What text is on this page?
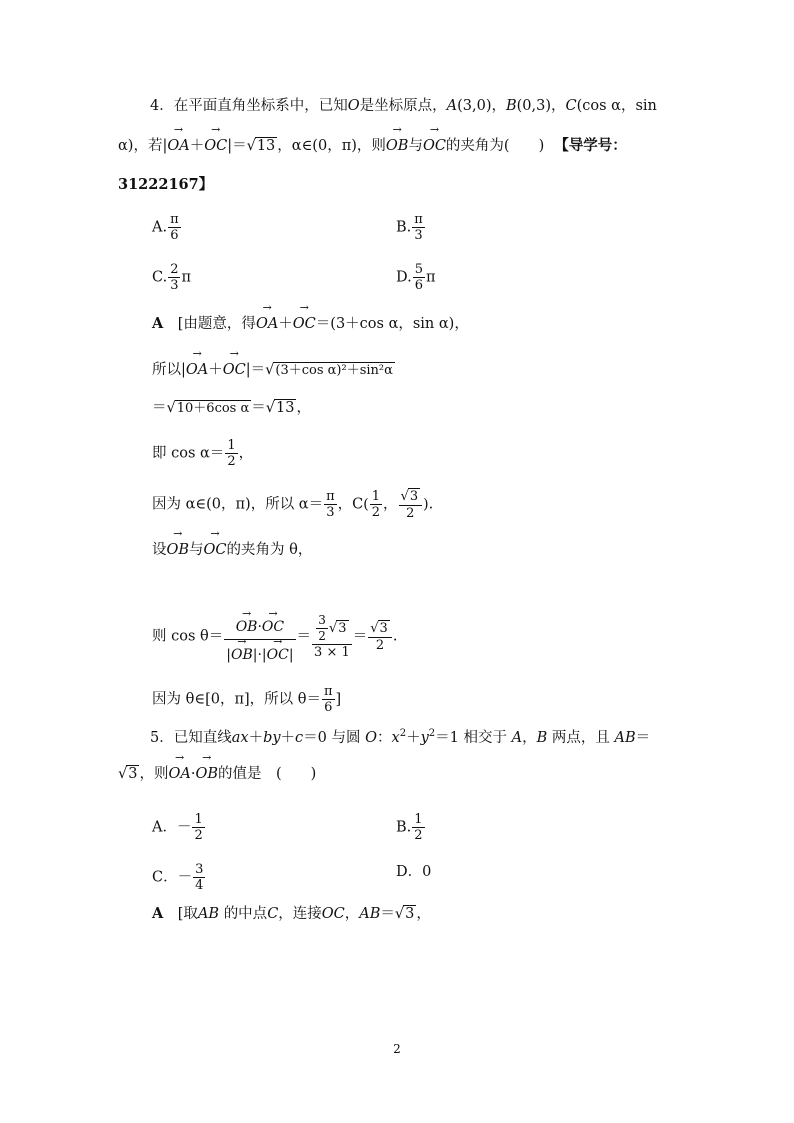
4．在平面直角坐标系中，已知O是坐标原点，A(3,0)，B(0,3)，C(cos α，sin
α)，若|→ OA＋→ OC|＝√13 ，α∈(0，π)，则→ OB与→ OC的夹角为(　　) 【导学号：
31222167】
A. $\frac{\pi}{6}$	B. $\frac{\pi}{3}$
C. $\frac{2}{3}$ π	D. $\frac{5}{6}$ π
A　 [由题意，得→ OA＋→ OC＝(3＋cos α，sin α)，
所以|→ OA＋→ OC|＝√(3＋cos α)²＋sin²α
＝√10＋6cos α ＝√13 ，
即 $\cos \alpha= \frac{1}{2}$ ，
因为 α∈(0，π)，所以 $\alpha= \frac{\pi}{3}$ ，$C( \frac{1}{2}$ ， $\frac{√3}{2}$ ).
设→ OB与→ OC的夹角为 θ，
则 cos θ＝
→ $\frac{OB\cdot\to OC}{|\to OB|\cdot|\to OC|} = \frac{\frac{3}{2} √3}{3 \times 1} = \frac{√3}{2}$ .
因为 θ∈[0，π]，所以 $\theta= \frac{\pi}{6}$ ]
5．已知直线ax＋by＋c＝0 与圆 O：$x^2+y^2=1$ 相交于 A，B 两点，且 AB＝
√3 ，则→ OA·→ OB的值是　(　　)
A．－ $\frac{1}{2}$	B. $\frac{1}{2}$
C．－ $\frac{3}{4}$	D．0
A　 [取AB 的中点C，连接OC，AB＝√3 ，
2
